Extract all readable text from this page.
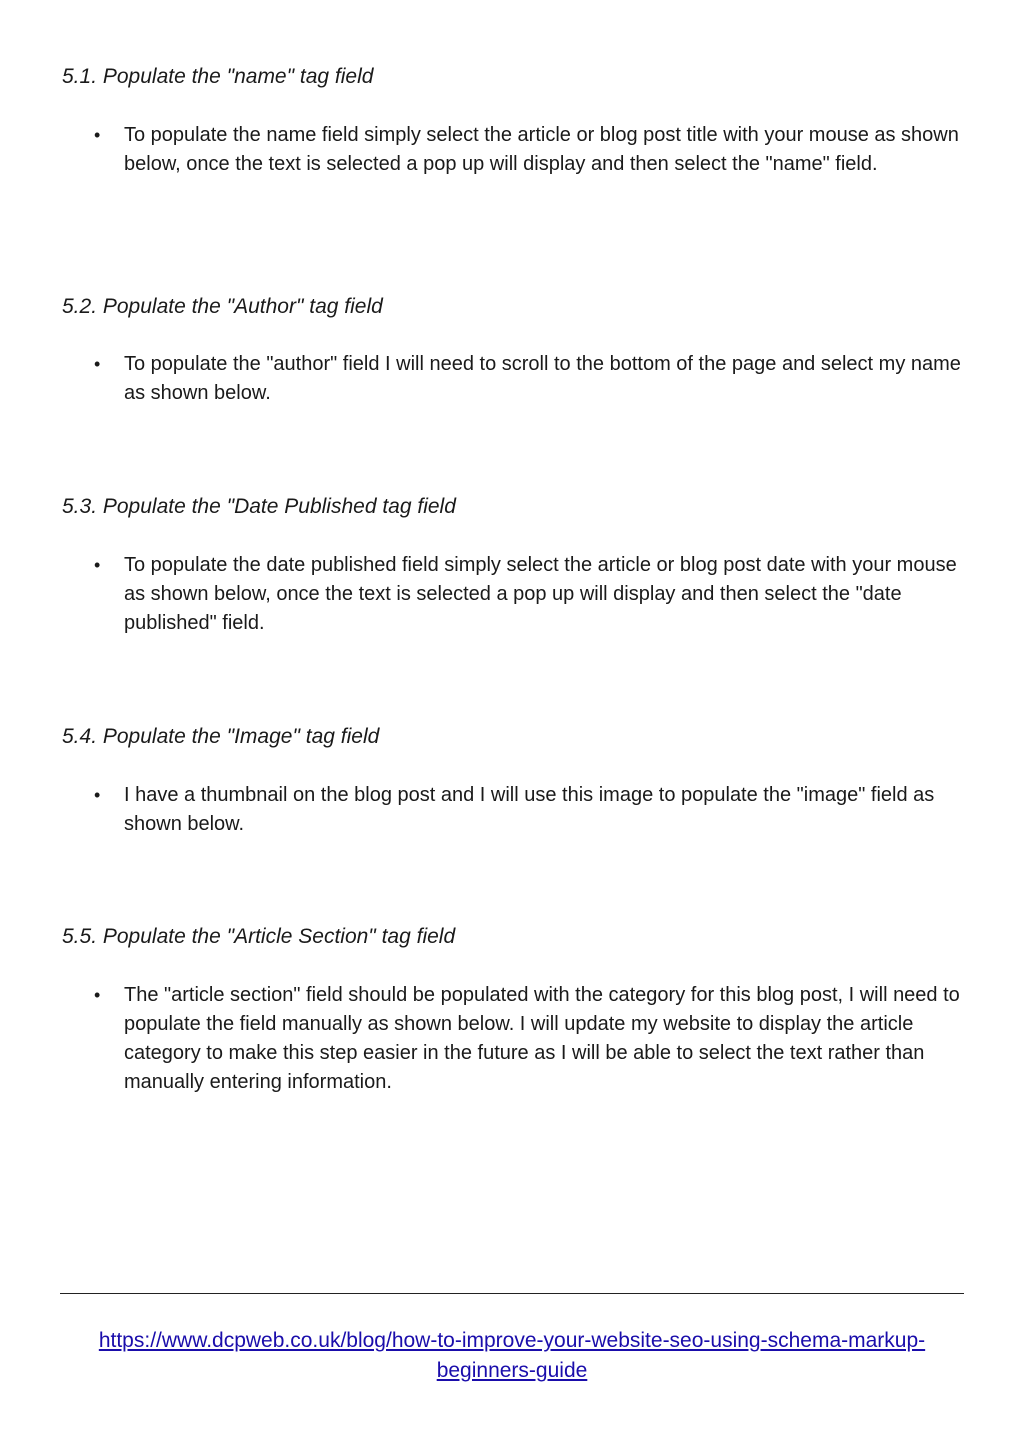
5.1. Populate the "name" tag field
• To populate the name field simply select the article or blog post title with your mouse as shown below, once the text is selected a pop up will display and then select the "name" field.
5.2. Populate the "Author" tag field
• To populate the "author" field I will need to scroll to the bottom of the page and select my name as shown below.
5.3. Populate the "Date Published tag field
• To populate the date published field simply select the article or blog post date with your mouse as shown below, once the text is selected a pop up will display and then select the "date published" field.
5.4. Populate the "Image" tag field
• I have a thumbnail on the blog post and I will use this image to populate the "image" field as shown below.
5.5. Populate the "Article Section" tag field
• The "article section" field should be populated with the category for this blog post, I will need to populate the field manually as shown below. I will update my website to display the article category to make this step easier in the future as I will be able to select the text rather than manually entering information.
https://www.dcpweb.co.uk/blog/how-to-improve-your-website-seo-using-schema-markup-beginners-guide
